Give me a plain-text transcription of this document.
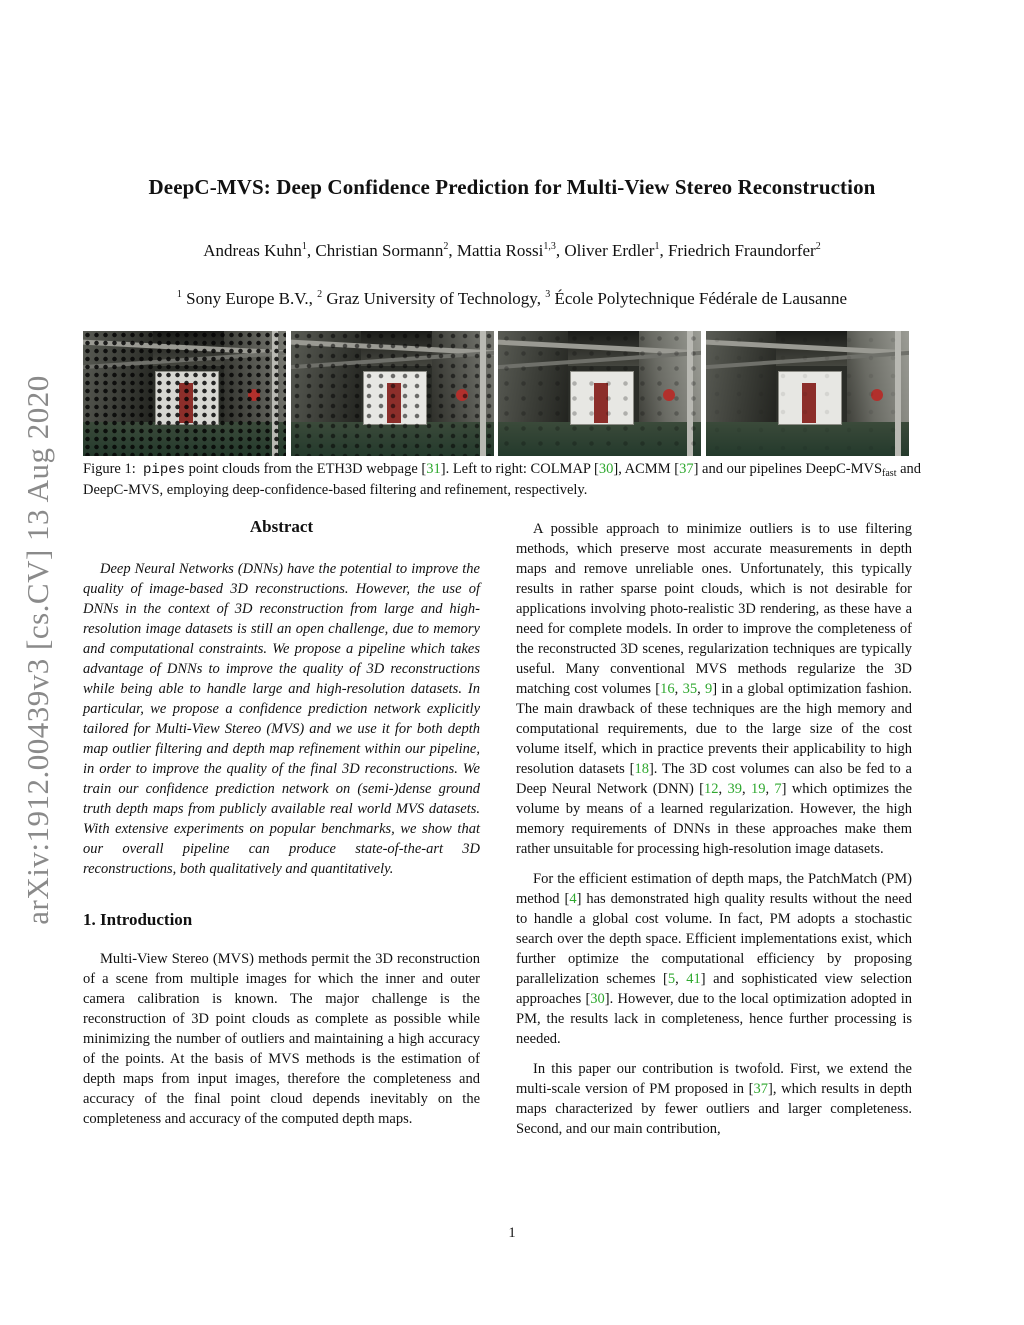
DeepC-MVS: Deep Confidence Prediction for Multi-View Stereo Reconstruction
Andreas Kuhn$^1$, Christian Sormann$^2$, Mattia Rossi$^{1,3}$, Oliver Erdler$^1$, Friedrich Fraundorfer$^2$
$^1$ Sony Europe B.V., $^2$ Graz University of Technology, $^3$ École Polytechnique Fédérale de Lausanne
arXiv:1912.00439v3 [cs.CV] 13 Aug 2020 Figure 1: pipes point clouds from the ETH3D webpage [31]. Left to right: COLMAP [30], ACMM [37] and our pipelines DeepC-$MVS_{fast}$ and DeepC-MVS, employing deep-confidence-based filtering and refinement, respectively.
Abstract

Deep Neural Networks (DNNs) have the potential to improve the quality of image-based 3D reconstructions. However, the use of DNNs in the context of 3D reconstruction from large and high-resolution image datasets is still an open challenge, due to memory and computational constraints. We propose a pipeline which takes advantage of DNNs to improve the quality of 3D reconstructions while being able to handle large and high-resolution datasets. In particular, we propose a confidence prediction network explicitly tailored for Multi-View Stereo (MVS) and we use it for both depth map outlier filtering and depth map refinement within our pipeline, in order to improve the quality of the final 3D reconstructions. We train our confidence prediction network on (semi-)dense ground truth depth maps from publicly available real world MVS datasets. With extensive experiments on popular benchmarks, we show that our overall pipeline can produce state-of-the-art 3D reconstructions, both qualitatively and quantitatively.

1. Introduction

Multi-View Stereo (MVS) methods permit the 3D reconstruction of a scene from multiple images for which the inner and outer camera calibration is known. The major challenge is the reconstruction of 3D point clouds as complete as possible while minimizing the number of outliers and maintaining a high accuracy of the points. At the basis of MVS methods is the estimation of depth maps from input images, therefore the completeness and accuracy of the final point cloud depends inevitably on the completeness and accuracy of the computed depth maps.

A possible approach to minimize outliers is to use filtering methods, which preserve most accurate measurements in depth maps and remove unreliable ones. Unfortunately, this typically results in rather sparse point clouds, which is not desirable for applications involving photo-realistic 3D rendering, as these have a need for complete models. In order to improve the completeness of the reconstructed 3D scenes, regularization techniques are typically useful. Many conventional MVS methods regularize the 3D matching cost volumes [16, 35, 9] in a global optimization fashion. The main drawback of these techniques are the high memory and computational requirements, due to the large size of the cost volume itself, which in practice prevents their applicability to high resolution datasets [18]. The 3D cost volumes can also be fed to a Deep Neural Network (DNN) [12, 39, 19, 7] which optimizes the volume by means of a learned regularization. However, the high memory requirements of DNNs in these approaches make them rather unsuitable for processing high-resolution image datasets.

For the efficient estimation of depth maps, the PatchMatch (PM) method [4] has demonstrated high quality results without the need to handle a global cost volume. In fact, PM adopts a stochastic search over the depth space. Efficient implementations exist, which further optimize the computational efficiency by proposing parallelization schemes [5, 41] and sophisticated view selection approaches [30]. However, due to the local optimization adopted in PM, the results lack in completeness, hence further processing is needed.

In this paper our contribution is twofold. First, we extend the multi-scale version of PM proposed in [37], which results in depth maps characterized by fewer outliers and larger completeness. Second, and our main contribution,

1
